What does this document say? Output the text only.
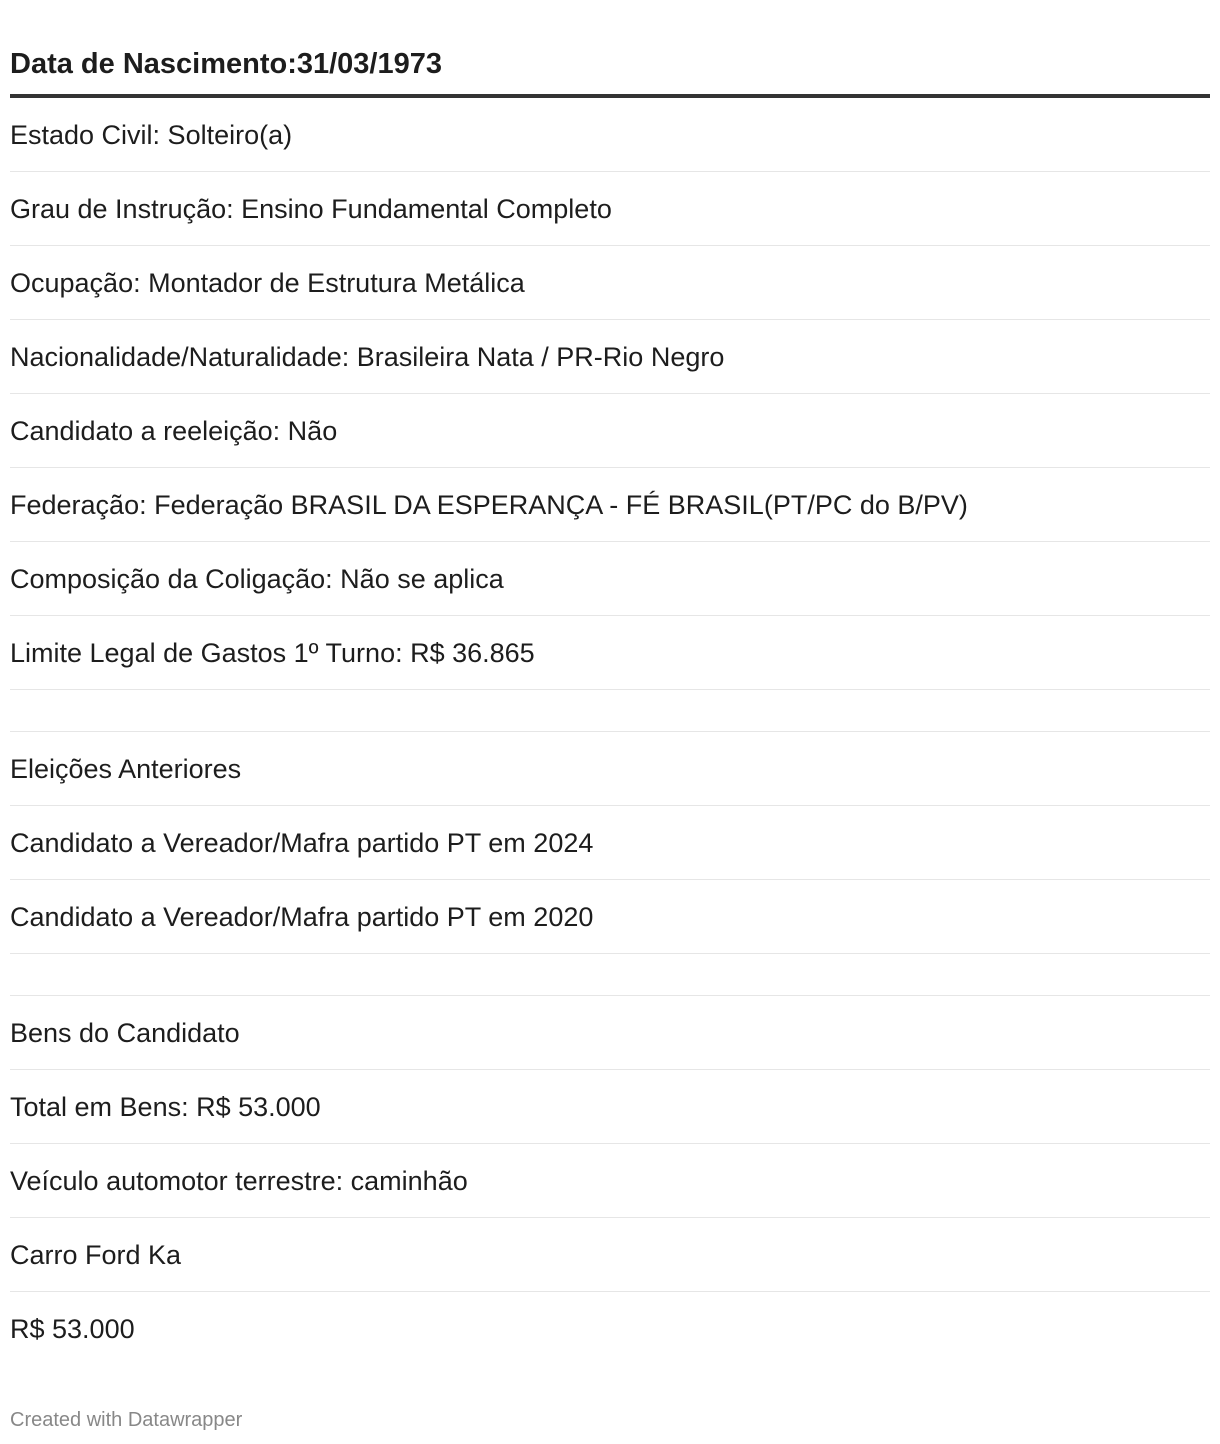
Data de Nascimento:31/03/1973
Estado Civil: Solteiro(a)
Grau de Instrução: Ensino Fundamental Completo
Ocupação: Montador de Estrutura Metálica
Nacionalidade/Naturalidade: Brasileira Nata / PR-Rio Negro
Candidato a reeleição: Não
Federação: Federação BRASIL DA ESPERANÇA - FÉ BRASIL(PT/PC do B/PV)
Composição da Coligação: Não se aplica
Limite Legal de Gastos 1º Turno: R$ 36.865
Eleições Anteriores
Candidato a Vereador/Mafra partido PT em 2024
Candidato a Vereador/Mafra partido PT em 2020
Bens do Candidato
Total em Bens: R$ 53.000
Veículo automotor terrestre: caminhão
Carro Ford Ka
R$ 53.000
Created with Datawrapper
